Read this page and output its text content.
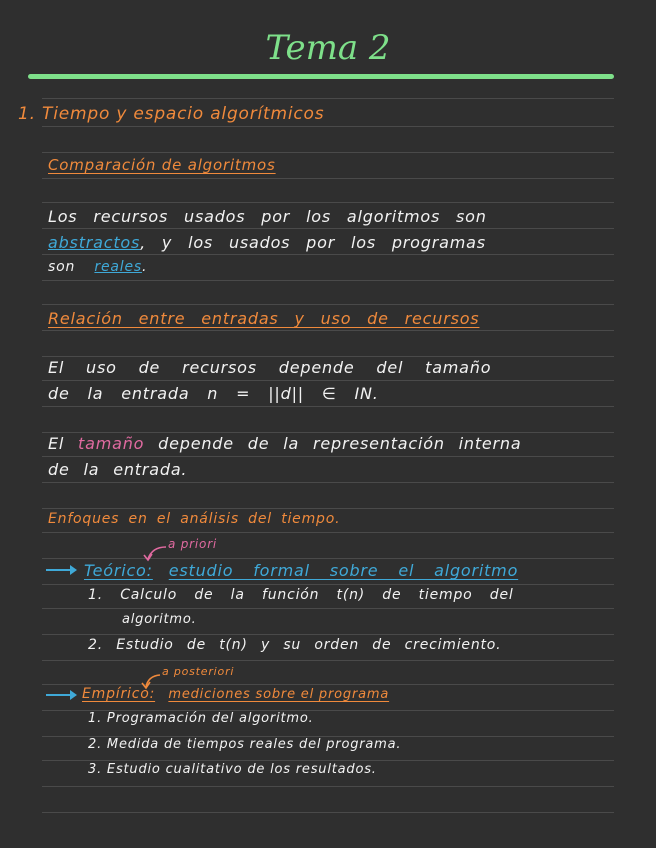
Tema 2
1. Tiempo y espacio algorítmicos
Comparación de algoritmos
Los recursos usados por los algoritmos son
abstractos, y los usados por los programas
son reales.
Relación entre entradas y uso de recursos
El uso de recursos depende del tamaño
de la entrada n = ||d|| ∈ IN.
El tamaño depende de la representación interna
de la entrada.
Enfoques en el análisis del tiempo.
a priori
Teórico: estudio formal sobre el algoritmo
1. Calculo de la función t(n) de tiempo del
algoritmo.
2. Estudio de t(n) y su orden de crecimiento.
a posteriori
Empírico: mediciones sobre el programa
1. Programación del algoritmo.
2. Medida de tiempos reales del programa.
3. Estudio cualitativo de los resultados.
